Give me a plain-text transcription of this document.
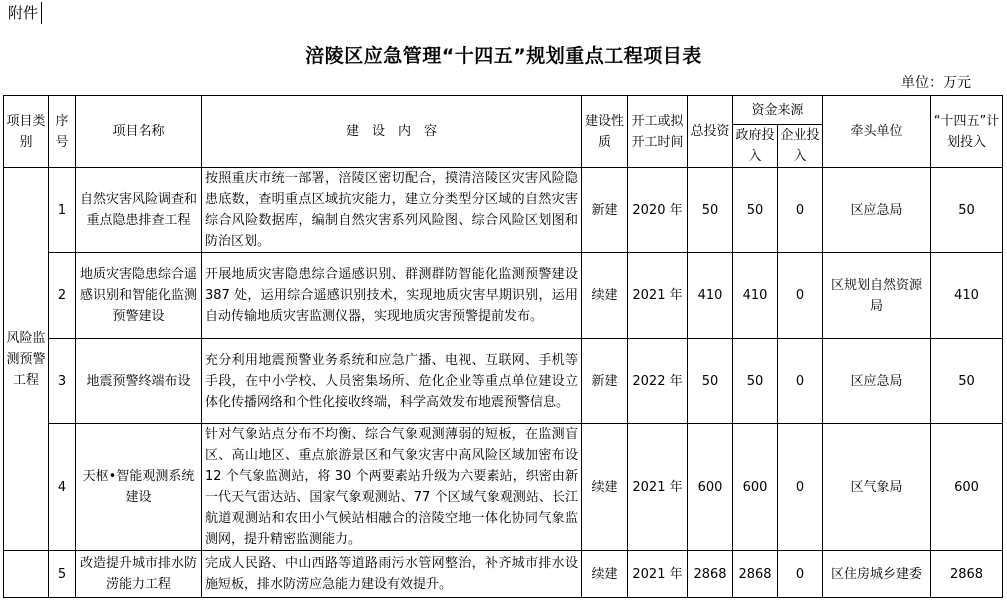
附件
涪陵区应急管理“十四五”规划重点工程项目表
单位：万元
项目类别	序号	项目名称	建　设　内　容	建设性质	开工或拟开工时间	总投资	资金来源		牵头单位	“十四五”计划投入
							政府投入	企业投入		
风险监测预警工程	1	自然灾害风险调查和重点隐患排查工程	按照重庆市统一部署，涪陵区密切配合，摸清涪陵区灾害风险隐患底数，查明重点区域抗灾能力，建立分类型分区域的自然灾害综合风险数据库，编制自然灾害系列风险图、综合风险区划图和防治区划。	新建	2020 年	50	50	0	区应急局	50
	2	地质灾害隐患综合遥感识别和智能化监测预警建设	开展地质灾害隐患综合遥感识别、群测群防智能化监测预警建设 387 处，运用综合遥感识别技术，实现地质灾害早期识别，运用自动传输地质灾害监测仪器，实现地质灾害预警提前发布。	续建	2021 年	410	410	0	区规划自然资源局	410
	3	地震预警终端布设	充分利用地震预警业务系统和应急广播、电视、互联网、手机等手段，在中小学校、人员密集场所、危化企业等重点单位建设立体化传播网络和个性化接收终端，科学高效发布地震预警信息。	新建	2022 年	50	50	0	区应急局	50
	4	天枢•智能观测系统建设	针对气象站点分布不均衡、综合气象观测薄弱的短板，在监测盲区、高山地区、重点旅游景区和气象灾害中高风险区域加密布设 12 个气象监测站，将 30 个两要素站升级为六要素站，织密由新一代天气雷达站、国家气象观测站、77 个区域气象观测站、长江航道观测站和农田小气候站相融合的涪陵空地一体化协同气象监测网，提升精密监测能力。	续建	2021 年	600	600	0	区气象局	600
	5	改造提升城市排水防涝能力工程	完成人民路、中山西路等道路雨污水管网整治，补齐城市排水设施短板，排水防涝应急能力建设有效提升。	续建	2021 年	2868	2868	0	区住房城乡建委	2868
